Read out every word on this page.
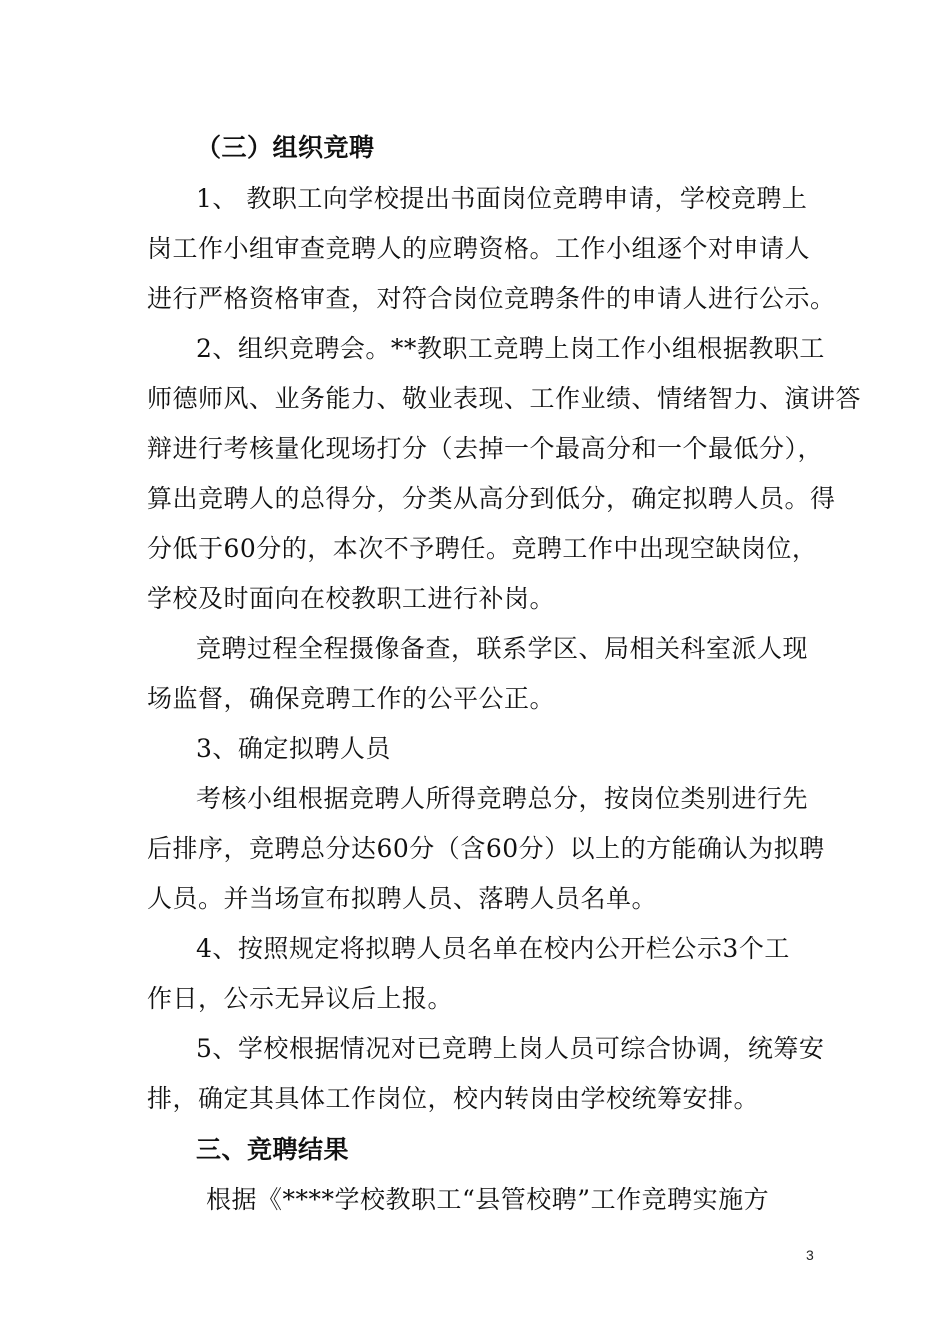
（三）组织竞聘
1、 教职工向学校提出书面岗位竞聘申请，学校竞聘上
岗工作小组审查竞聘人的应聘资格。工作小组逐个对申请人
进行严格资格审查，对符合岗位竞聘条件的申请人进行公示。
2、组织竞聘会。**教职工竞聘上岗工作小组根据教职工
师德师风、业务能力、敬业表现、工作业绩、情绪智力、演讲答
辩进行考核量化现场打分（去掉一个最高分和一个最低分），
算出竞聘人的总得分，分类从高分到低分，确定拟聘人员。得
分低于60分的，本次不予聘任。竞聘工作中出现空缺岗位，
学校及时面向在校教职工进行补岗。
竞聘过程全程摄像备查，联系学区、局相关科室派人现
场监督，确保竞聘工作的公平公正。
3、确定拟聘人员
考核小组根据竞聘人所得竞聘总分，按岗位类别进行先
后排序，竞聘总分达60分（含60分）以上的方能确认为拟聘
人员。并当场宣布拟聘人员、落聘人员名单。
4、按照规定将拟聘人员名单在校内公开栏公示3个工
作日，公示无异议后上报。
5、学校根据情况对已竞聘上岗人员可综合协调，统筹安
排，确定其具体工作岗位，校内转岗由学校统筹安排。
三、竞聘结果
根据《****学校教职工“县管校聘”工作竞聘实施方
3
